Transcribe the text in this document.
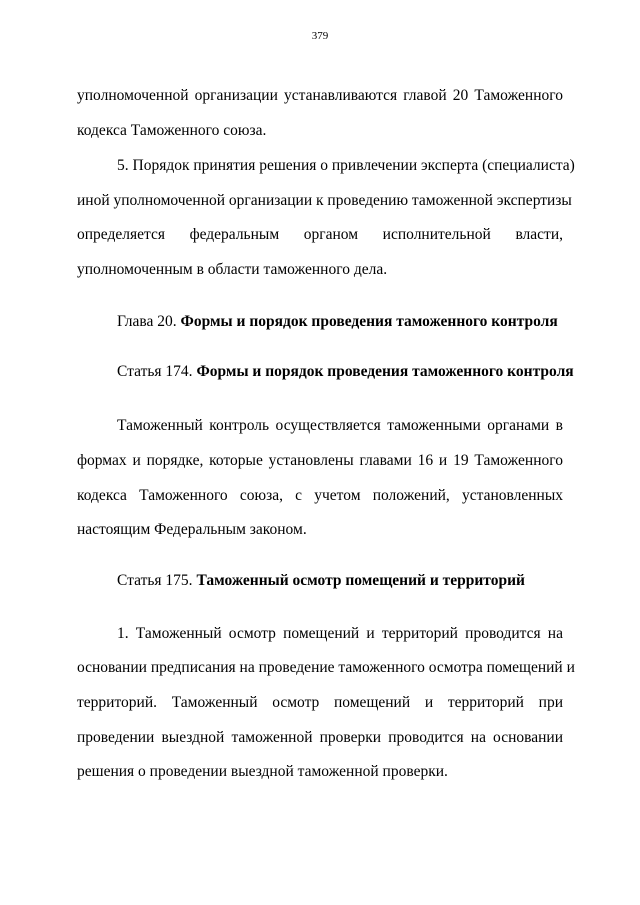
379
уполномоченной организации устанавливаются главой 20 Таможенного
кодекса Таможенного союза.
5. Порядок принятия решения о привлечении эксперта (специалиста)
иной уполномоченной организации к проведению таможенной экспертизы
определяется федеральным органом исполнительной власти,
уполномоченным в области таможенного дела.
Глава 20. Формы и порядок проведения таможенного контроля
Статья 174. Формы и порядок проведения таможенного контроля
Таможенный контроль осуществляется таможенными органами в
формах и порядке, которые установлены главами 16 и 19 Таможенного
кодекса Таможенного союза, с учетом положений, установленных
настоящим Федеральным законом.
Статья 175. Таможенный осмотр помещений и территорий
1. Таможенный осмотр помещений и территорий проводится на
основании предписания на проведение таможенного осмотра помещений и
территорий. Таможенный осмотр помещений и территорий при
проведении выездной таможенной проверки проводится на основании
решения о проведении выездной таможенной проверки.
